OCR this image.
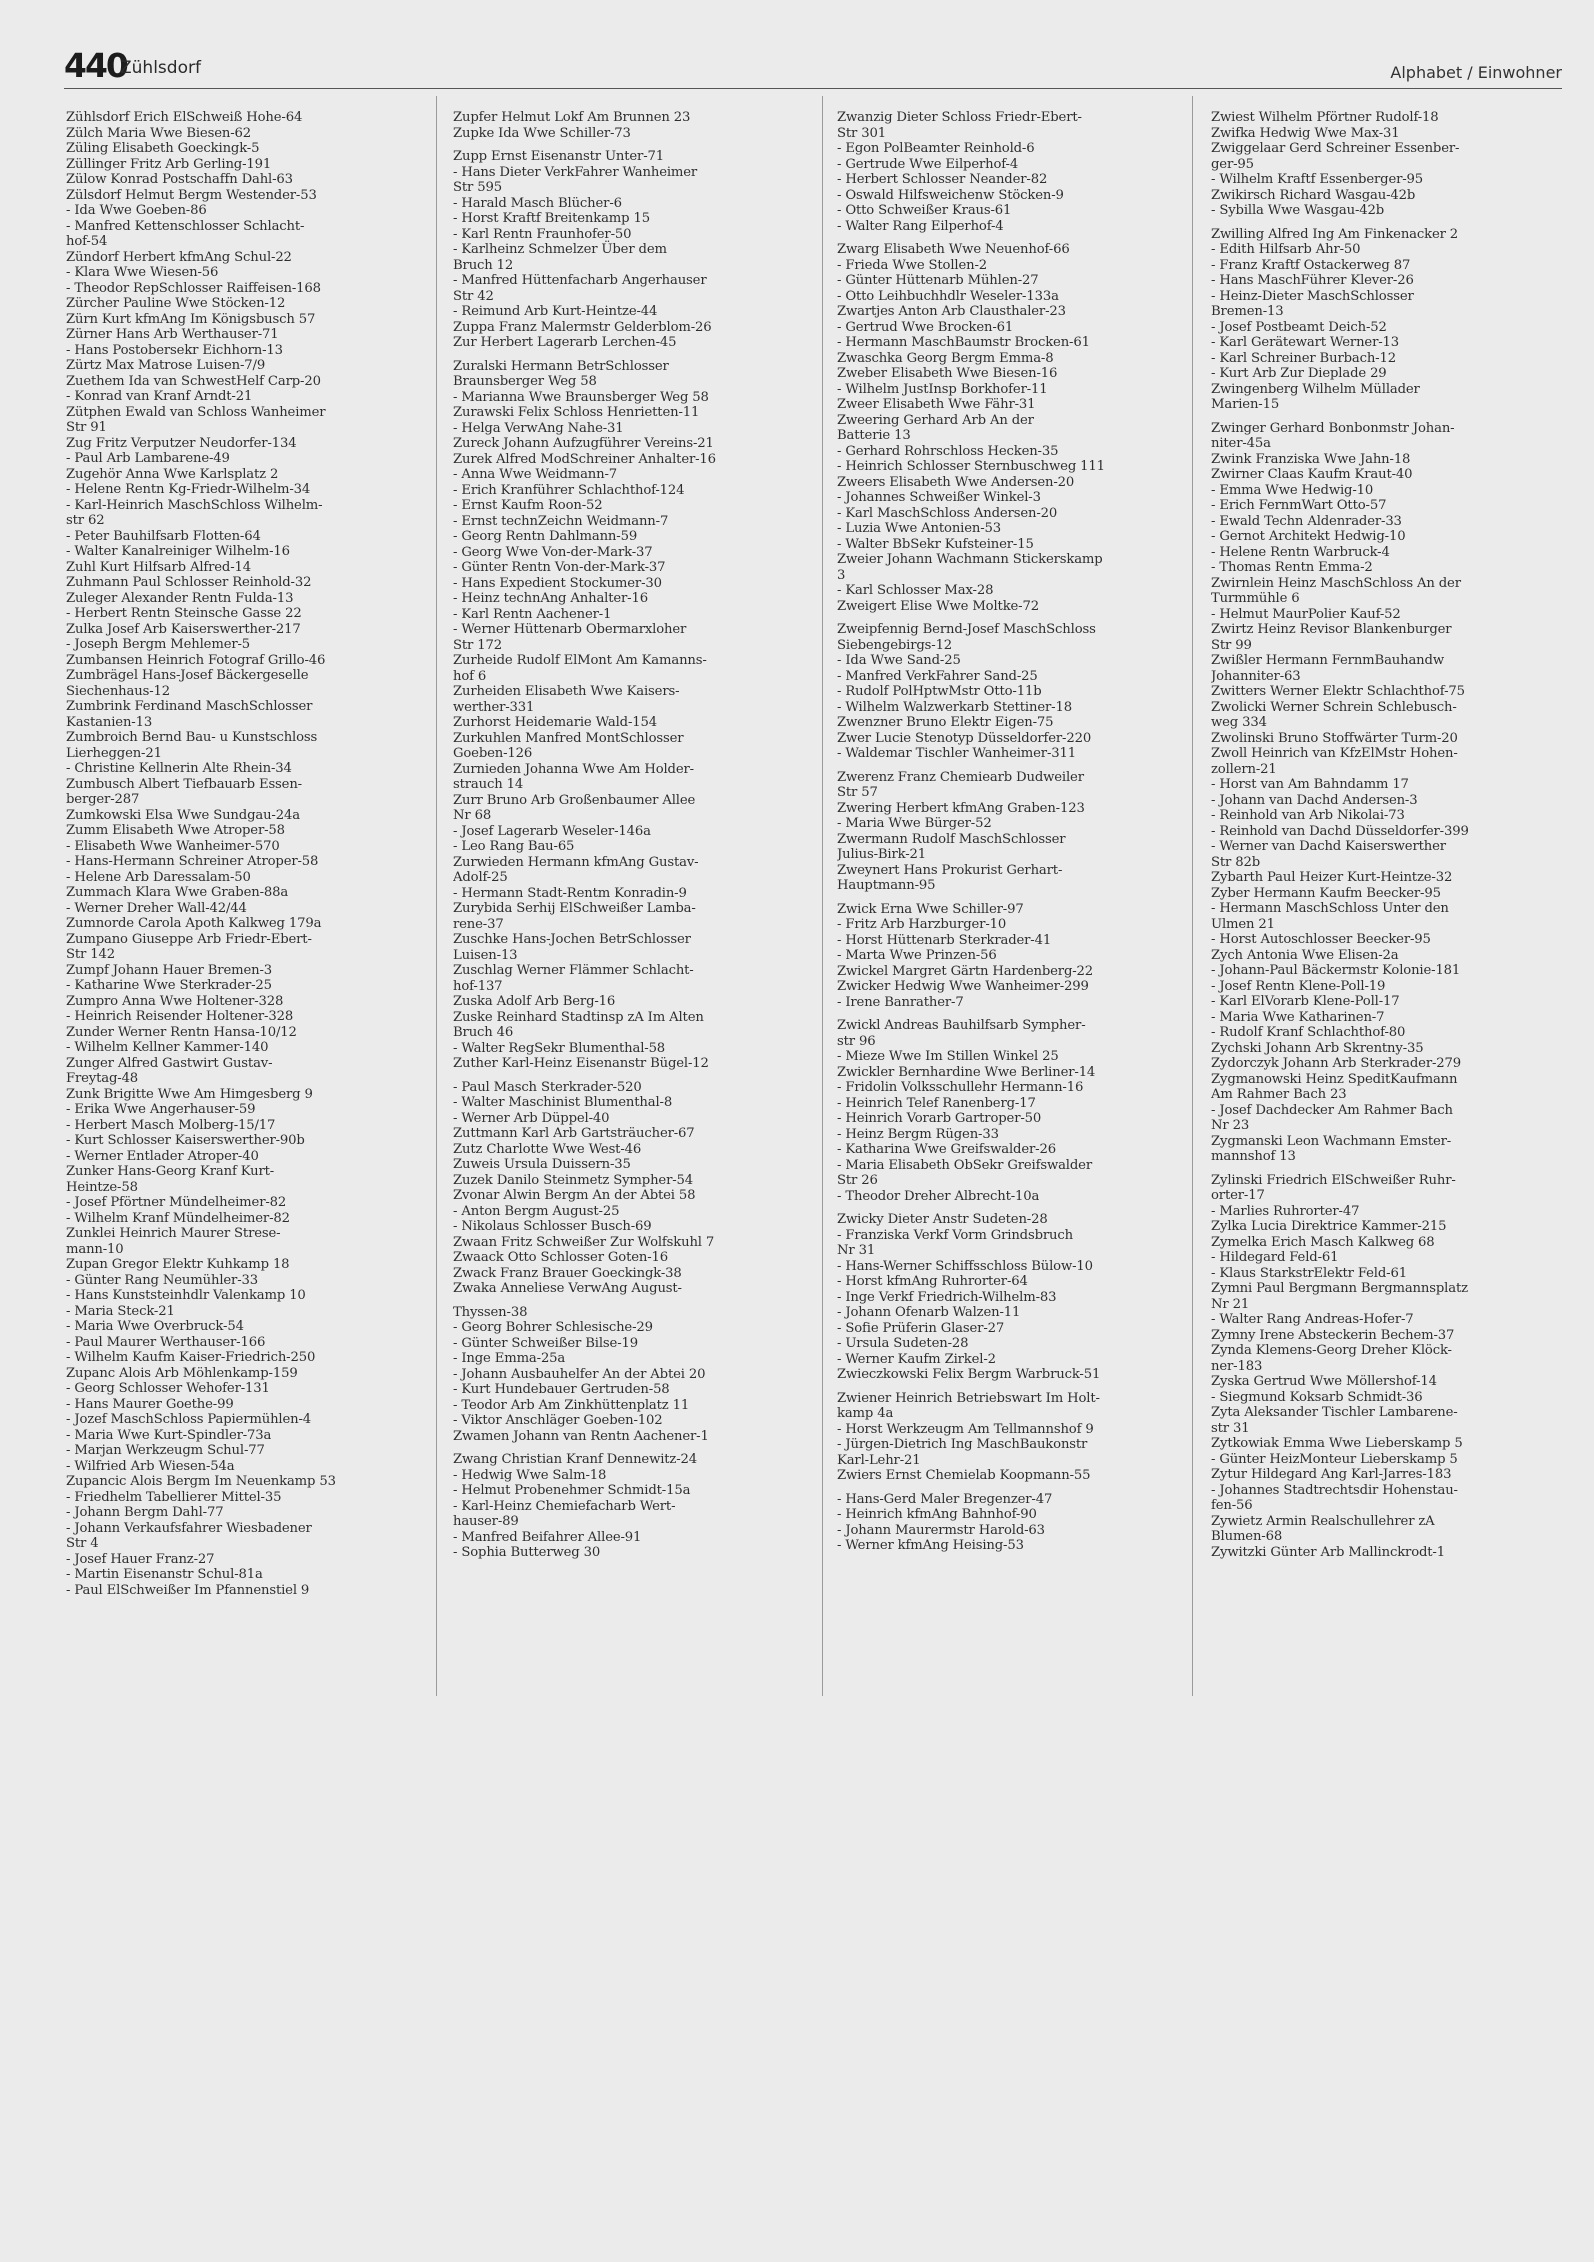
440
Zühlsdorf	Alphabet / Einwohner
Zühlsdorf Erich ElSchweiß Hohe-64
Zülch Maria Wwe Biesen-62
Züling Elisabeth Goeckingk-5
Züllinger Fritz Arb Gerling-191
Zülow Konrad Postschaffn Dahl-63
Zülsdorf Helmut Bergm Westender-53
- Ida Wwe Goeben-86
- Manfred Kettenschlosser Schlacht-
hof-54
Zündorf Herbert kfmAng Schul-22
- Klara Wwe Wiesen-56
- Theodor RepSchlosser Raiffeisen-168
Zürcher Pauline Wwe Stöcken-12
Zürn Kurt kfmAng Im Königsbusch 57
Zürner Hans Arb Werthauser-71
- Hans Postobersekr Eichhorn-13
Zürtz Max Matrose Luisen-7/9
Zuethem Ida van SchwestHelf Carp-20
- Konrad van Kranf Arndt-21
Zütphen Ewald van Schloss Wanheimer
Str 91
Zug Fritz Verputzer Neudorfer-134
- Paul Arb Lambarene-49
Zugehör Anna Wwe Karlsplatz 2
- Helene Rentn Kg-Friedr-Wilhelm-34
- Karl-Heinrich MaschSchloss Wilhelm-
str 62
- Peter Bauhilfsarb Flotten-64
- Walter Kanalreiniger Wilhelm-16
Zuhl Kurt Hilfsarb Alfred-14
Zuhmann Paul Schlosser Reinhold-32
Zuleger Alexander Rentn Fulda-13
- Herbert Rentn Steinsche Gasse 22
Zulka Josef Arb Kaiserswerther-217
- Joseph Bergm Mehlemer-5
Zumbansen Heinrich Fotograf Grillo-46
Zumbrägel Hans-Josef Bäckergeselle
Siechenhaus-12
Zumbrink Ferdinand MaschSchlosser
Kastanien-13
Zumbroich Bernd Bau- u Kunstschloss
Lierheggen-21
- Christine Kellnerin Alte Rhein-34
Zumbusch Albert Tiefbauarb Essen-
berger-287
Zumkowski Elsa Wwe Sundgau-24a
Zumm Elisabeth Wwe Atroper-58
- Elisabeth Wwe Wanheimer-570
- Hans-Hermann Schreiner Atroper-58
- Helene Arb Daressalam-50
Zummach Klara Wwe Graben-88a
- Werner Dreher Wall-42/44
Zumnorde Carola Apoth Kalkweg 179a
Zumpano Giuseppe Arb Friedr-Ebert-
Str 142
Zumpf Johann Hauer Bremen-3
- Katharine Wwe Sterkrader-25
Zumpro Anna Wwe Holtener-328
- Heinrich Reisender Holtener-328
Zunder Werner Rentn Hansa-10/12
- Wilhelm Kellner Kammer-140
Zunger Alfred Gastwirt Gustav-
Freytag-48
Zunk Brigitte Wwe Am Himgesberg 9
- Erika Wwe Angerhauser-59
- Herbert Masch Molberg-15/17
- Kurt Schlosser Kaiserswerther-90b
- Werner Entlader Atroper-40
Zunker Hans-Georg Kranf Kurt-
Heintze-58
- Josef Pförtner Mündelheimer-82
- Wilhelm Kranf Mündelheimer-82
Zunklei Heinrich Maurer Strese-
mann-10
Zupan Gregor Elektr Kuhkamp 18
- Günter Rang Neumühler-33
- Hans Kunststeinhdlr Valenkamp 10
- Maria Steck-21
- Maria Wwe Overbruck-54
- Paul Maurer Werthauser-166
- Wilhelm Kaufm Kaiser-Friedrich-250
Zupanc Alois Arb Möhlenkamp-159
- Georg Schlosser Wehofer-131
- Hans Maurer Goethe-99
- Jozef MaschSchloss Papiermühlen-4
- Maria Wwe Kurt-Spindler-73a
- Marjan Werkzeugm Schul-77
- Wilfried Arb Wiesen-54a
Zupancic Alois Bergm Im Neuenkamp 53
- Friedhelm Tabellierer Mittel-35
- Johann Bergm Dahl-77
- Johann Verkaufsfahrer Wiesbadener
Str 4
- Josef Hauer Franz-27
- Martin Eisenanstr Schul-81a
- Paul ElSchweißer Im Pfannenstiel 9
Zupfer Helmut Lokf Am Brunnen 23
Zupke Ida Wwe Schiller-73
Zupp Ernst Eisenanstr Unter-71
- Hans Dieter VerkFahrer Wanheimer
Str 595
- Harald Masch Blücher-6
- Horst Kraftf Breitenkamp 15
- Karl Rentn Fraunhofer-50
- Karlheinz Schmelzer Über dem
Bruch 12
- Manfred Hüttenfacharb Angerhauser
Str 42
- Reimund Arb Kurt-Heintze-44
Zuppa Franz Malermstr Gelderblom-26
Zur Herbert Lagerarb Lerchen-45
Zuralski Hermann BetrSchlosser
Braunsberger Weg 58
- Marianna Wwe Braunsberger Weg 58
Zurawski Felix Schloss Henrietten-11
- Helga VerwAng Nahe-31
Zureck Johann Aufzugführer Vereins-21
Zurek Alfred ModSchreiner Anhalter-16
- Anna Wwe Weidmann-7
- Erich Kranführer Schlachthof-124
- Ernst Kaufm Roon-52
- Ernst technZeichn Weidmann-7
- Georg Rentn Dahlmann-59
- Georg Wwe Von-der-Mark-37
- Günter Rentn Von-der-Mark-37
- Hans Expedient Stockumer-30
- Heinz technAng Anhalter-16
- Karl Rentn Aachener-1
- Werner Hüttenarb Obermarxloher
Str 172
Zurheide Rudolf ElMont Am Kamanns-
hof 6
Zurheiden Elisabeth Wwe Kaisers-
werther-331
Zurhorst Heidemarie Wald-154
Zurkuhlen Manfred MontSchlosser
Goeben-126
Zurnieden Johanna Wwe Am Holder-
strauch 14
Zurr Bruno Arb Großenbaumer Allee
Nr 68
- Josef Lagerarb Weseler-146a
- Leo Rang Bau-65
Zurwieden Hermann kfmAng Gustav-
Adolf-25
- Hermann Stadt-Rentm Konradin-9
Zurybida Serhij ElSchweißer Lamba-
rene-37
Zuschke Hans-Jochen BetrSchlosser
Luisen-13
Zuschlag Werner Flämmer Schlacht-
hof-137
Zuska Adolf Arb Berg-16
Zuske Reinhard Stadtinsp zA Im Alten
Bruch 46
- Walter RegSekr Blumenthal-58
Zuther Karl-Heinz Eisenanstr Bügel-12
- Paul Masch Sterkrader-520
- Walter Maschinist Blumenthal-8
- Werner Arb Düppel-40
Zuttmann Karl Arb Gartsträucher-67
Zutz Charlotte Wwe West-46
Zuweis Ursula Duissern-35
Zuzek Danilo Steinmetz Sympher-54
Zvonar Alwin Bergm An der Abtei 58
- Anton Bergm August-25
- Nikolaus Schlosser Busch-69
Zwaan Fritz Schweißer Zur Wolfskuhl 7
Zwaack Otto Schlosser Goten-16
Zwack Franz Brauer Goeckingk-38
Zwaka Anneliese VerwAng August-
Thyssen-38
- Georg Bohrer Schlesische-29
- Günter Schweißer Bilse-19
- Inge Emma-25a
- Johann Ausbauhelfer An der Abtei 20
- Kurt Hundebauer Gertruden-58
- Teodor Arb Am Zinkhüttenplatz 11
- Viktor Anschläger Goeben-102
Zwamen Johann van Rentn Aachener-1
Zwang Christian Kranf Dennewitz-24
- Hedwig Wwe Salm-18
- Helmut Probenehmer Schmidt-15a
- Karl-Heinz Chemiefacharb Wert-
hauser-89
- Manfred Beifahrer Allee-91
- Sophia Butterweg 30
Zwanzig Dieter Schloss Friedr-Ebert-
Str 301
- Egon PolBeamter Reinhold-6
- Gertrude Wwe Eilperhof-4
- Herbert Schlosser Neander-82
- Oswald Hilfsweichenw Stöcken-9
- Otto Schweißer Kraus-61
- Walter Rang Eilperhof-4
Zwarg Elisabeth Wwe Neuenhof-66
- Frieda Wwe Stollen-2
- Günter Hüttenarb Mühlen-27
- Otto Leihbuchhdlr Weseler-133a
Zwartjes Anton Arb Clausthaler-23
- Gertrud Wwe Brocken-61
- Hermann MaschBaumstr Brocken-61
Zwaschka Georg Bergm Emma-8
Zweber Elisabeth Wwe Biesen-16
- Wilhelm JustInsp Borkhofer-11
Zweer Elisabeth Wwe Fähr-31
Zweering Gerhard Arb An der
Batterie 13
- Gerhard Rohrschloss Hecken-35
- Heinrich Schlosser Sternbuschweg 111
Zweers Elisabeth Wwe Andersen-20
- Johannes Schweißer Winkel-3
- Karl MaschSchloss Andersen-20
- Luzia Wwe Antonien-53
- Walter BbSekr Kufsteiner-15
Zweier Johann Wachmann Stickerskamp
3
- Karl Schlosser Max-28
Zweigert Elise Wwe Moltke-72
Zweipfennig Bernd-Josef MaschSchloss
Siebengebirgs-12
- Ida Wwe Sand-25
- Manfred VerkFahrer Sand-25
- Rudolf PolHptwMstr Otto-11b
- Wilhelm Walzwerkarb Stettiner-18
Zwenzner Bruno Elektr Eigen-75
Zwer Lucie Stenotyp Düsseldorfer-220
- Waldemar Tischler Wanheimer-311
Zwerenz Franz Chemiearb Dudweiler
Str 57
Zwering Herbert kfmAng Graben-123
- Maria Wwe Bürger-52
Zwermann Rudolf MaschSchlosser
Julius-Birk-21
Zweynert Hans Prokurist Gerhart-
Hauptmann-95
Zwick Erna Wwe Schiller-97
- Fritz Arb Harzburger-10
- Horst Hüttenarb Sterkrader-41
- Marta Wwe Prinzen-56
Zwickel Margret Gärtn Hardenberg-22
Zwicker Hedwig Wwe Wanheimer-299
- Irene Banrather-7
Zwickl Andreas Bauhilfsarb Sympher-
str 96
- Mieze Wwe Im Stillen Winkel 25
Zwickler Bernhardine Wwe Berliner-14
- Fridolin Volksschullehr Hermann-16
- Heinrich Telef Ranenberg-17
- Heinrich Vorarb Gartroper-50
- Heinz Bergm Rügen-33
- Katharina Wwe Greifswalder-26
- Maria Elisabeth ObSekr Greifswalder
Str 26
- Theodor Dreher Albrecht-10a
Zwicky Dieter Anstr Sudeten-28
- Franziska Verkf Vorm Grindsbruch
Nr 31
- Hans-Werner Schiffsschloss Bülow-10
- Horst kfmAng Ruhrorter-64
- Inge Verkf Friedrich-Wilhelm-83
- Johann Ofenarb Walzen-11
- Sofie Prüferin Glaser-27
- Ursula Sudeten-28
- Werner Kaufm Zirkel-2
Zwieczkowski Felix Bergm Warbruck-51
Zwiener Heinrich Betriebswart Im Holt-
kamp 4a
- Horst Werkzeugm Am Tellmannshof 9
- Jürgen-Dietrich Ing MaschBaukonstr
Karl-Lehr-21
Zwiers Ernst Chemielab Koopmann-55
- Hans-Gerd Maler Bregenzer-47
- Heinrich kfmAng Bahnhof-90
- Johann Maurermstr Harold-63
- Werner kfmAng Heising-53
Zwiest Wilhelm Pförtner Rudolf-18
Zwifka Hedwig Wwe Max-31
Zwiggelaar Gerd Schreiner Essenber-
ger-95
- Wilhelm Kraftf Essenberger-95
Zwikirsch Richard Wasgau-42b
- Sybilla Wwe Wasgau-42b
Zwilling Alfred Ing Am Finkenacker 2
- Edith Hilfsarb Ahr-50
- Franz Kraftf Ostackerweg 87
- Hans MaschFührer Klever-26
- Heinz-Dieter MaschSchlosser
Bremen-13
- Josef Postbeamt Deich-52
- Karl Gerätewart Werner-13
- Karl Schreiner Burbach-12
- Kurt Arb Zur Dieplade 29
Zwingenberg Wilhelm Müllader
Marien-15
Zwinger Gerhard Bonbonmstr Johan-
niter-45a
Zwink Franziska Wwe Jahn-18
Zwirner Claas Kaufm Kraut-40
- Emma Wwe Hedwig-10
- Erich FernmWart Otto-57
- Ewald Techn Aldenrader-33
- Gernot Architekt Hedwig-10
- Helene Rentn Warbruck-4
- Thomas Rentn Emma-2
Zwirnlein Heinz MaschSchloss An der
Turmmühle 6
- Helmut MaurPolier Kauf-52
Zwirtz Heinz Revisor Blankenburger
Str 99
Zwißler Hermann FernmBauhandw
Johanniter-63
Zwitters Werner Elektr Schlachthof-75
Zwolicki Werner Schrein Schlebusch-
weg 334
Zwolinski Bruno Stoffwärter Turm-20
Zwoll Heinrich van KfzElMstr Hohen-
zollern-21
- Horst van Am Bahndamm 17
- Johann van Dachd Andersen-3
- Reinhold van Arb Nikolai-73
- Reinhold van Dachd Düsseldorfer-399
- Werner van Dachd Kaiserswerther
Str 82b
Zybarth Paul Heizer Kurt-Heintze-32
Zyber Hermann Kaufm Beecker-95
- Hermann MaschSchloss Unter den
Ulmen 21
- Horst Autoschlosser Beecker-95
Zych Antonia Wwe Elisen-2a
- Johann-Paul Bäckermstr Kolonie-181
- Josef Rentn Klene-Poll-19
- Karl ElVorarb Klene-Poll-17
- Maria Wwe Katharinen-7
- Rudolf Kranf Schlachthof-80
Zychski Johann Arb Skrentny-35
Zydorczyk Johann Arb Sterkrader-279
Zygmanowski Heinz SpeditKaufmann
Am Rahmer Bach 23
- Josef Dachdecker Am Rahmer Bach
Nr 23
Zygmanski Leon Wachmann Emster-
mannshof 13
Zylinski Friedrich ElSchweißer Ruhr-
orter-17
- Marlies Ruhrorter-47
Zylka Lucia Direktrice Kammer-215
Zymelka Erich Masch Kalkweg 68
- Hildegard Feld-61
- Klaus StarkstrElektr Feld-61
Zymni Paul Bergmann Bergmannsplatz
Nr 21
- Walter Rang Andreas-Hofer-7
Zymny Irene Absteckerin Bechem-37
Zynda Klemens-Georg Dreher Klöck-
ner-183
Zyska Gertrud Wwe Möllershof-14
- Siegmund Koksarb Schmidt-36
Zyta Aleksander Tischler Lambarene-
str 31
Zytkowiak Emma Wwe Lieberskamp 5
- Günter HeizMonteur Lieberskamp 5
Zytur Hildegard Ang Karl-Jarres-183
- Johannes Stadtrechtsdir Hohenstau-
fen-56
Zywietz Armin Realschullehrer zA
Blumen-68
Zywitzki Günter Arb Mallinckrodt-1
